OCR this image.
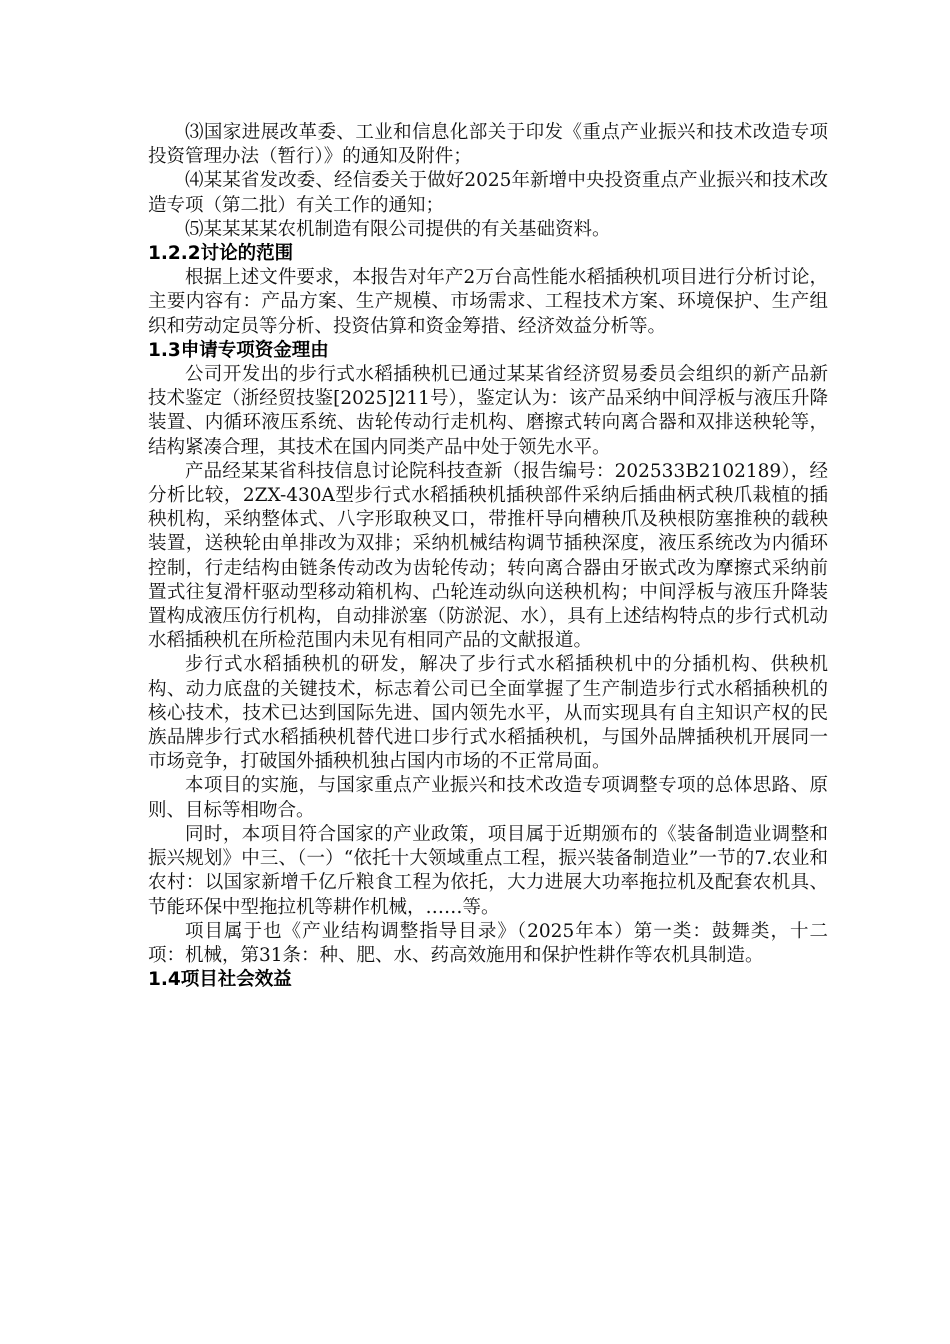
⑶国家进展改革委、工业和信息化部关于印发《重点产业振兴和技术改造专项投资管理办法（暂行）》的通知及附件；

⑷某某省发改委、经信委关于做好2025年新增中央投资重点产业振兴和技术改造专项（第二批）有关工作的通知；

⑸某某某某农机制造有限公司提供的有关基础资料。

1.2.2讨论的范围

根据上述文件要求，本报告对年产2万台高性能水稻插秧机项目进行分析讨论，主要内容有：产品方案、生产规模、市场需求、工程技术方案、环境保护、生产组织和劳动定员等分析、投资估算和资金筹措、经济效益分析等。

1.3申请专项资金理由

公司开发出的步行式水稻插秧机已通过某某省经济贸易委员会组织的新产品新技术鉴定（浙经贸技鉴[2025]211号），鉴定认为：该产品采纳中间浮板与液压升降装置、内循环液压系统、齿轮传动行走机构、磨擦式转向离合器和双排送秧轮等，结构紧凑合理，其技术在国内同类产品中处于领先水平。

产品经某某省科技信息讨论院科技查新（报告编号：202533B2102189），经分析比较，2ZX-430A型步行式水稻插秧机插秧部件采纳后插曲柄式秧爪栽植的插秧机构，采纳整体式、八字形取秧叉口，带推杆导向槽秧爪及秧根防塞推秧的载秧装置，送秧轮由单排改为双排；采纳机械结构调节插秧深度，液压系统改为内循环控制，行走结构由链条传动改为齿轮传动；转向离合器由牙嵌式改为摩擦式采纳前置式往复滑杆驱动型移动箱机构、凸轮连动纵向送秧机构；中间浮板与液压升降装置构成液压仿行机构，自动排淤塞（防淤泥、水），具有上述结构特点的步行式机动水稻插秧机在所检范围内未见有相同产品的文献报道。

步行式水稻插秧机的研发，解决了步行式水稻插秧机中的分插机构、供秧机构、动力底盘的关键技术，标志着公司已全面掌握了生产制造步行式水稻插秧机的核心技术，技术已达到国际先进、国内领先水平，从而实现具有自主知识产权的民族品牌步行式水稻插秧机替代进口步行式水稻插秧机，与国外品牌插秧机开展同一市场竞争，打破国外插秧机独占国内市场的不正常局面。

本项目的实施，与国家重点产业振兴和技术改造专项调整专项的总体思路、原则、目标等相吻合。

同时，本项目符合国家的产业政策，项目属于近期颁布的《装备制造业调整和振兴规划》中三、（一）“依托十大领域重点工程，振兴装备制造业”一节的7.农业和农村：以国家新增千亿斤粮食工程为依托，大力进展大功率拖拉机及配套农机具、节能环保中型拖拉机等耕作机械，……等。

项目属于也《产业结构调整指导目录》（2025年本）第一类：鼓舞类，十二项：机械，第31条：种、肥、水、药高效施用和保护性耕作等农机具制造。

1.4项目社会效益
